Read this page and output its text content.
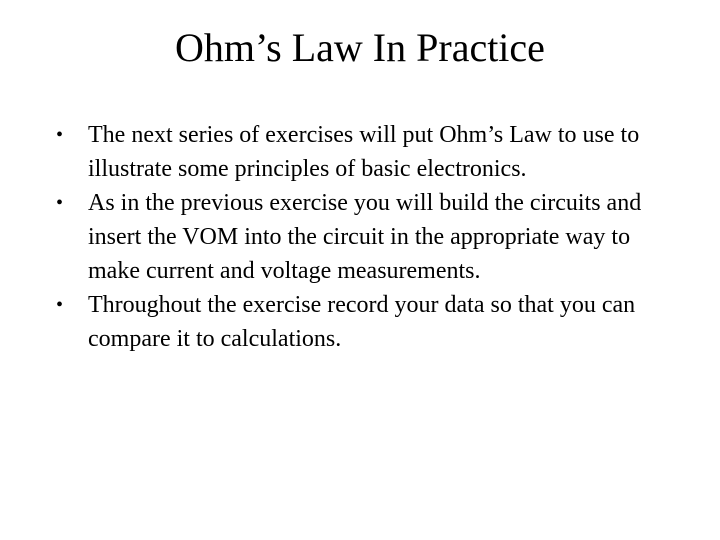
Ohm’s Law In Practice
•	The next series of exercises will put Ohm’s Law to use to illustrate some principles of basic electronics.
•	As in the previous exercise you will build the circuits and insert the VOM into the circuit in the appropriate way to make current and voltage measurements.
•	Throughout the exercise record your data so that you can compare it to calculations.
